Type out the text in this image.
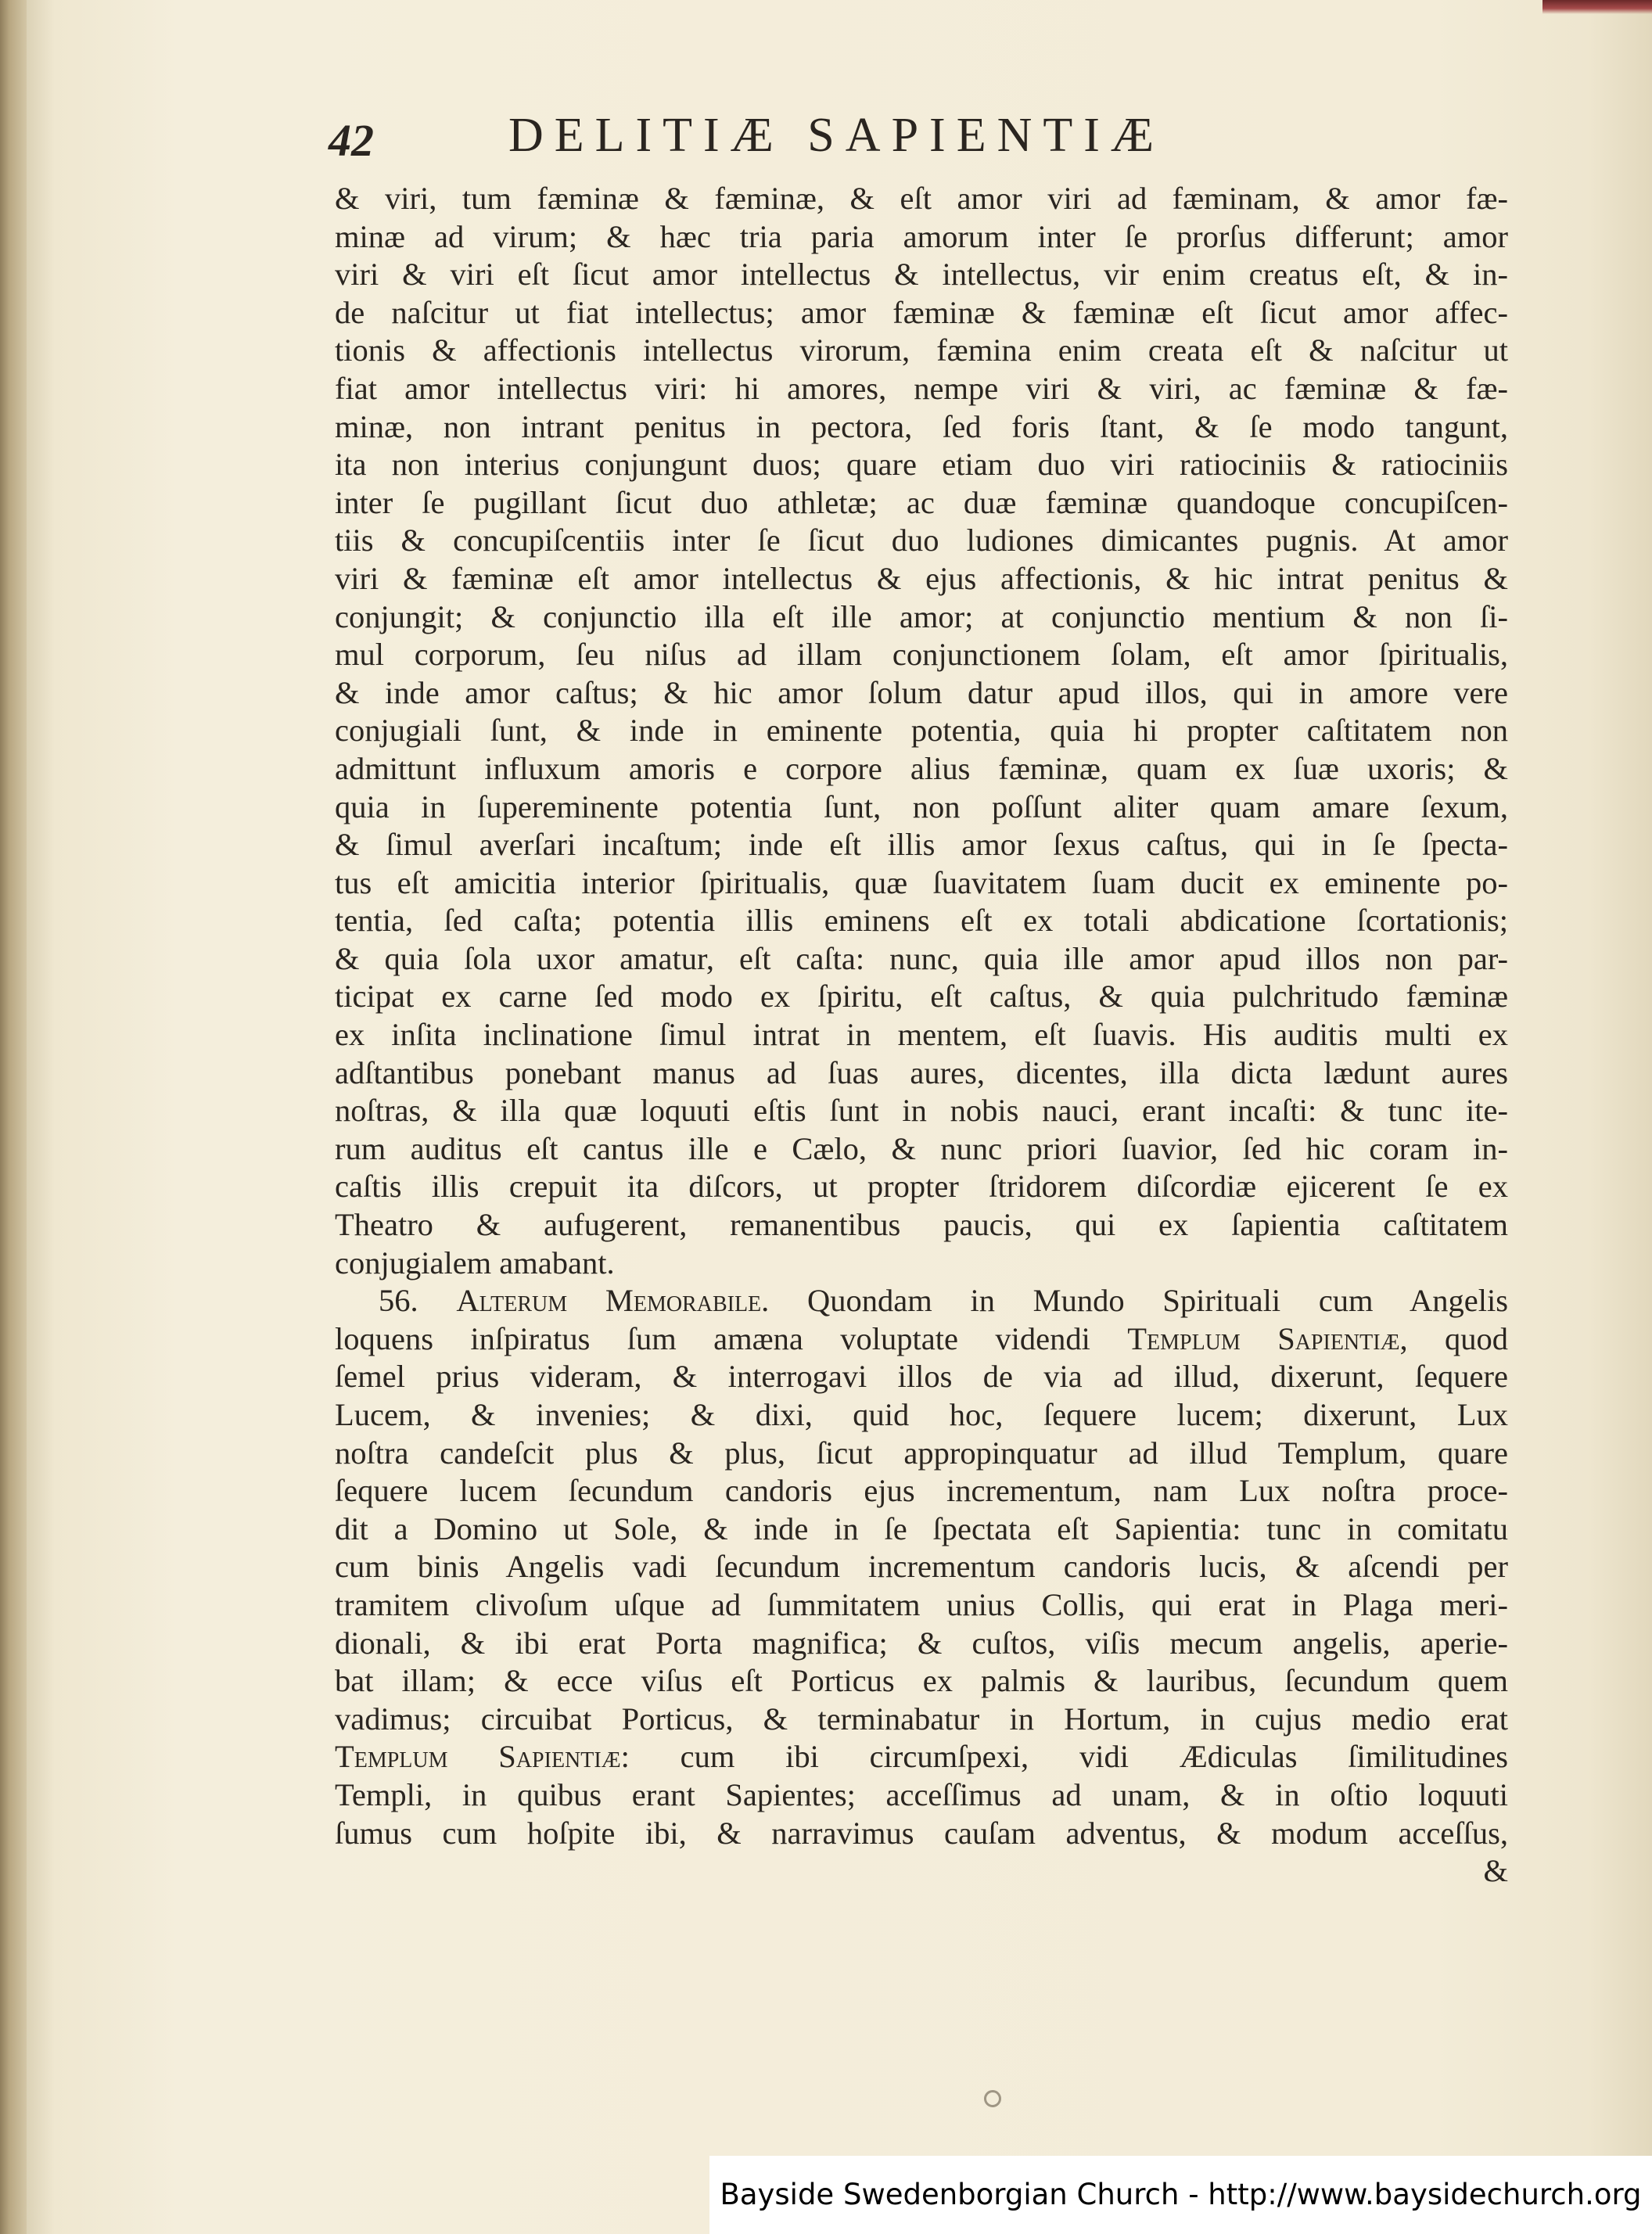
42	DELITIÆ SAPIENTIÆ
& viri, tum fæminæ & fæminæ, & eſt amor viri ad fæminam, & amor fæ-
minæ ad virum; & hæc tria paria amorum inter ſe prorſus differunt; amor
viri & viri eſt ſicut amor intellectus & intellectus, vir enim creatus eſt, & in-
de naſcitur ut fiat intellectus; amor fæminæ & fæminæ eſt ſicut amor affec-
tionis & affectionis intellectus virorum, fæmina enim creata eſt & naſcitur ut
fiat amor intellectus viri: hi amores, nempe viri & viri, ac fæminæ & fæ-
minæ, non intrant penitus in pectora, ſed foris ſtant, & ſe modo tangunt,
ita non interius conjungunt duos; quare etiam duo viri ratiociniis & ratiociniis
inter ſe pugillant ſicut duo athletæ; ac duæ fæminæ quandoque concupiſcen-
tiis & concupiſcentiis inter ſe ſicut duo ludiones dimicantes pugnis. At amor
viri & fæminæ eſt amor intellectus & ejus affectionis, & hic intrat penitus &
conjungit; & conjunctio illa eſt ille amor; at conjunctio mentium & non ſi-
mul corporum, ſeu niſus ad illam conjunctionem ſolam, eſt amor ſpiritualis,
& inde amor caſtus; & hic amor ſolum datur apud illos, qui in amore vere
conjugiali ſunt, & inde in eminente potentia, quia hi propter caſtitatem non
admittunt influxum amoris e corpore alius fæminæ, quam ex ſuæ uxoris; &
quia in ſupereminente potentia ſunt, non poſſunt aliter quam amare ſexum,
& ſimul averſari incaſtum; inde eſt illis amor ſexus caſtus, qui in ſe ſpecta-
tus eſt amicitia interior ſpiritualis, quæ ſuavitatem ſuam ducit ex eminente po-
tentia, ſed caſta; potentia illis eminens eſt ex totali abdicatione ſcortationis;
& quia ſola uxor amatur, eſt caſta: nunc, quia ille amor apud illos non par-
ticipat ex carne ſed modo ex ſpiritu, eſt caſtus, & quia pulchritudo fæminæ
ex inſita inclinatione ſimul intrat in mentem, eſt ſuavis. His auditis multi ex
adſtantibus ponebant manus ad ſuas aures, dicentes, illa dicta lædunt aures
noſtras, & illa quæ loquuti eſtis ſunt in nobis nauci, erant incaſti: & tunc ite-
rum auditus eſt cantus ille e Cælo, & nunc priori ſuavior, ſed hic coram in-
caſtis illis crepuit ita diſcors, ut propter ſtridorem diſcordiæ ejicerent ſe ex
Theatro & aufugerent, remanentibus paucis, qui ex ſapientia caſtitatem
conjugialem amabant.
56. Alterum Memorabile. Quondam in Mundo Spirituali cum Angelis
loquens inſpiratus ſum amæna voluptate videndi Templum Sapientiæ, quod
ſemel prius videram, & interrogavi illos de via ad illud, dixerunt, ſequere
Lucem, & invenies; & dixi, quid hoc, ſequere lucem; dixerunt, Lux
noſtra candeſcit plus & plus, ſicut appropinquatur ad illud Templum, quare
ſequere lucem ſecundum candoris ejus incrementum, nam Lux noſtra proce-
dit a Domino ut Sole, & inde in ſe ſpectata eſt Sapientia: tunc in comitatu
cum binis Angelis vadi ſecundum incrementum candoris lucis, & aſcendi per
tramitem clivoſum uſque ad ſummitatem unius Collis, qui erat in Plaga meri-
dionali, & ibi erat Porta magnifica; & cuſtos, viſis mecum angelis, aperie-
bat illam; & ecce viſus eſt Porticus ex palmis & lauribus, ſecundum quem
vadimus; circuibat Porticus, & terminabatur in Hortum, in cujus medio erat
Templum Sapientiæ: cum ibi circumſpexi, vidi Ædiculas ſimilitudines
Templi, in quibus erant Sapientes; acceſſimus ad unam, & in oſtio loquuti
ſumus cum hoſpite ibi, & narravimus cauſam adventus, & modum acceſſus,
&
Bayside Swedenborgian Church - http://www.baysidechurch.org
